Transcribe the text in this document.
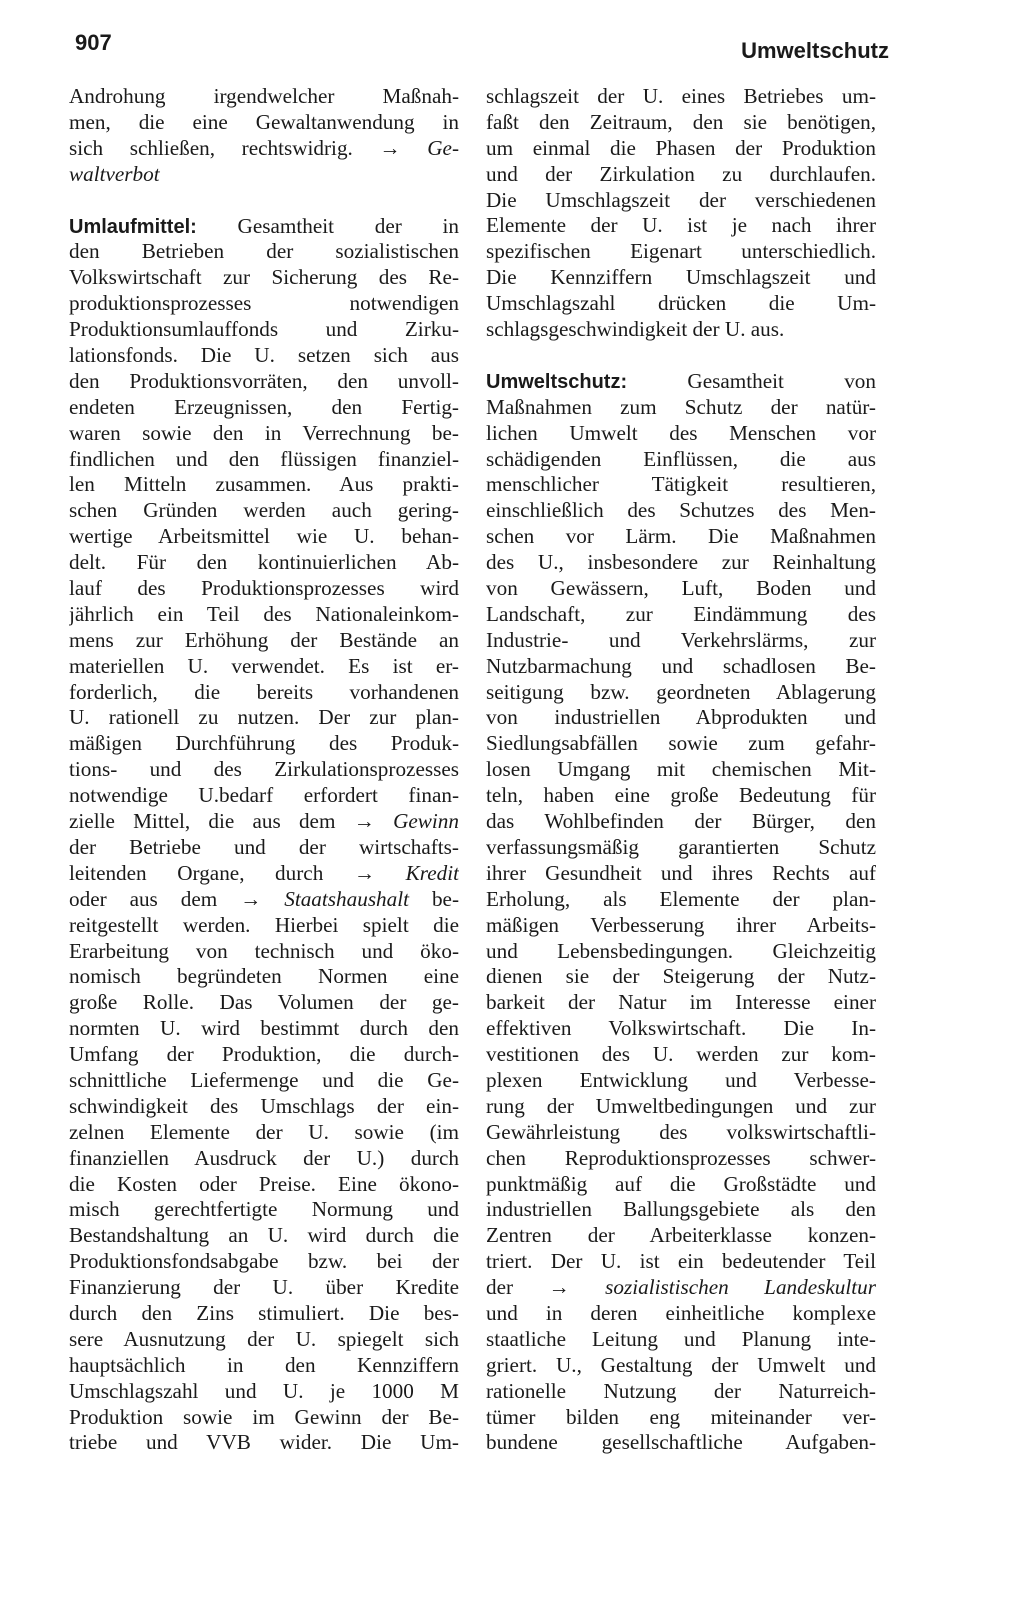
907	Umweltschutz
Androhung irgendwelcher Maßnah-
men, die eine Gewaltanwendung in
sich schließen, rechtswidrig. → Ge-
waltverbot
Umlaufmittel: Gesamtheit der in
den Betrieben der sozialistischen
Volkswirtschaft zur Sicherung des Re-
produktionsprozesses notwendigen
Produktionsumlauffonds und Zirku-
lationsfonds. Die U. setzen sich aus
den Produktionsvorräten, den unvoll-
endeten Erzeugnissen, den Fertig-
waren sowie den in Verrechnung be-
findlichen und den flüssigen finanziel-
len Mitteln zusammen. Aus prakti-
schen Gründen werden auch gering-
wertige Arbeitsmittel wie U. behan-
delt. Für den kontinuierlichen Ab-
lauf des Produktionsprozesses wird
jährlich ein Teil des Nationaleinkom-
mens zur Erhöhung der Bestände an
materiellen U. verwendet. Es ist er-
forderlich, die bereits vorhandenen
U. rationell zu nutzen. Der zur plan-
mäßigen Durchführung des Produk-
tions- und des Zirkulationsprozesses
notwendige U.bedarf erfordert finan-
zielle Mittel, die aus dem → Gewinn
der Betriebe und der wirtschafts-
leitenden Organe, durch → Kredit
oder aus dem → Staatshaushalt be-
reitgestellt werden. Hierbei spielt die
Erarbeitung von technisch und öko-
nomisch begründeten Normen eine
große Rolle. Das Volumen der ge-
normten U. wird bestimmt durch den
Umfang der Produktion, die durch-
schnittliche Liefermenge und die Ge-
schwindigkeit des Umschlags der ein-
zelnen Elemente der U. sowie (im
finanziellen Ausdruck der U.) durch
die Kosten oder Preise. Eine ökono-
misch gerechtfertigte Normung und
Bestandshaltung an U. wird durch die
Produktionsfondsabgabe bzw. bei der
Finanzierung der U. über Kredite
durch den Zins stimuliert. Die bes-
sere Ausnutzung der U. spiegelt sich
hauptsächlich in den Kennziffern
Umschlagszahl und U. je 1000 M
Produktion sowie im Gewinn der Be-
triebe und VVB wider. Die Um-
schlagszeit der U. eines Betriebes um-
faßt den Zeitraum, den sie benötigen,
um einmal die Phasen der Produktion
und der Zirkulation zu durchlaufen.
Die Umschlagszeit der verschiedenen
Elemente der U. ist je nach ihrer
spezifischen Eigenart unterschiedlich.
Die Kennziffern Umschlagszeit und
Umschlagszahl drücken die Um-
schlagsgeschwindigkeit der U. aus.
Umweltschutz:	Gesamtheit von
Maßnahmen zum Schutz der natür-
lichen Umwelt des Menschen vor
schädigenden Einflüssen, die aus
menschlicher Tätigkeit resultieren,
einschließlich des Schutzes des Men-
schen vor Lärm. Die Maßnahmen
des U., insbesondere zur Reinhaltung
von Gewässern, Luft, Boden und
Landschaft, zur Eindämmung des
Industrie- und Verkehrslärms, zur
Nutzbarmachung und schadlosen Be-
seitigung bzw. geordneten Ablagerung
von industriellen Abprodukten und
Siedlungsabfällen sowie zum gefahr-
losen Umgang mit chemischen Mit-
teln, haben eine große Bedeutung für
das Wohlbefinden der Bürger, den
verfassungsmäßig garantierten Schutz
ihrer Gesundheit und ihres Rechts auf
Erholung, als Elemente der plan-
mäßigen Verbesserung ihrer Arbeits-
und Lebensbedingungen. Gleichzeitig
dienen sie der Steigerung der Nutz-
barkeit der Natur im Interesse einer
effektiven Volkswirtschaft. Die In-
vestitionen des U. werden zur kom-
plexen Entwicklung und Verbesse-
rung der Umweltbedingungen und zur
Gewährleistung des volkswirtschaftli-
chen Reproduktionsprozesses schwer-
punktmäßig auf die Großstädte und
industriellen Ballungsgebiete als den
Zentren der Arbeiterklasse konzen-
triert. Der U. ist ein bedeutender Teil
der → sozialistischen Landeskultur
und in deren einheitliche komplexe
staatliche Leitung und Planung inte-
griert. U., Gestaltung der Umwelt und
rationelle Nutzung der Naturreich-
tümer bilden eng miteinander ver-
bundene gesellschaftliche Aufgaben-
